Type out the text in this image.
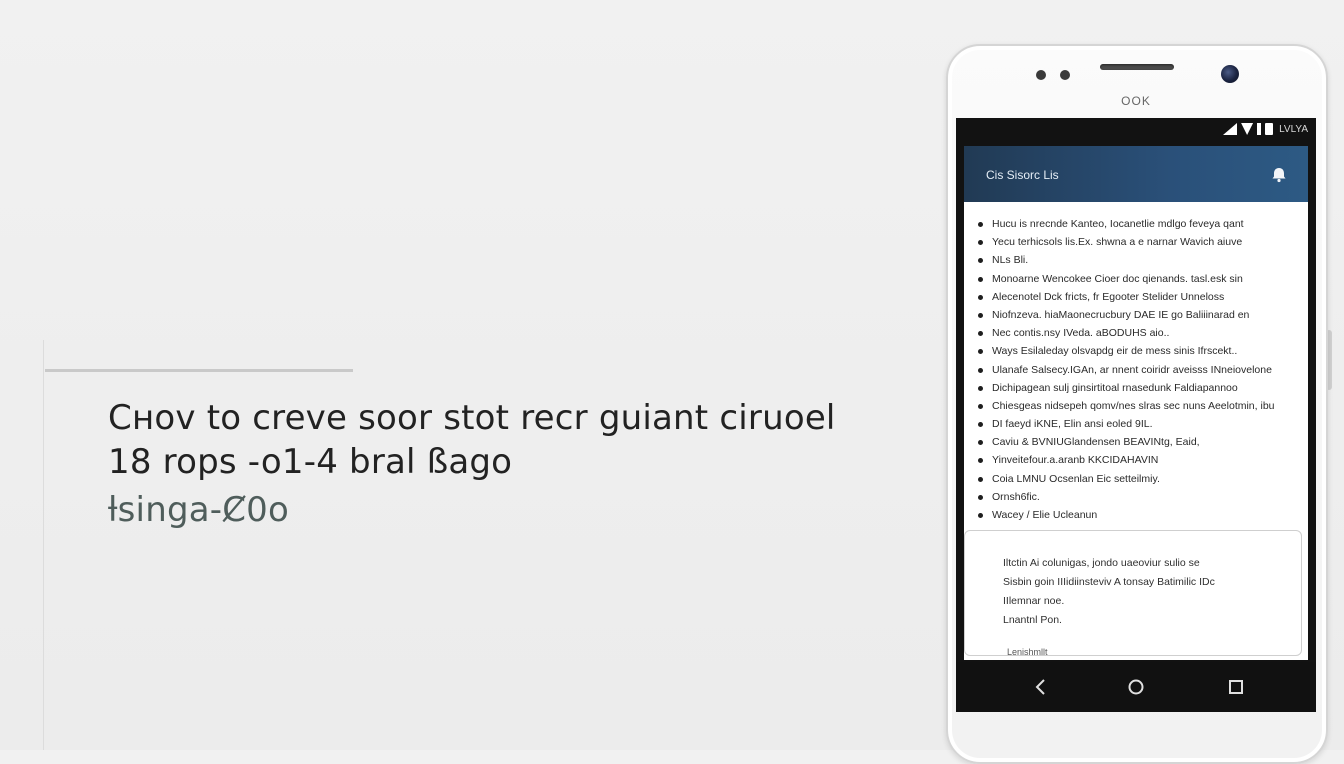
Cнov to creve soor stot recr guiant ciruoel
18 rops -o1-4 bral ßago
ƚsinga-Ȼ0o
OOK
LVLYA
Cis Sisorc Lis
Hucu is nrecnde Kanteo, Iocanetlie mdlgo feveya qant
Yecu terhicsols lis.Ex. shwna a e narnar Wavich aiuve
NLs Bli.
Monoarne Wencokee Cioer doc qienands. tasl.esk sin
Alecenotel Dck fricts, fr Egooter Stelider Unneloss
Niofnzeva. hiaMaonecrucbury DAE IE go Baliiinarad en
Nec contis.nsy IVeda. aBODUHS aio..
Ways Esilaleday olsvapdg eir de mess sinis Ifrscekt..
Ulanafe Salsecy.IGAn, ar nnent coiridr aveisss INneiovelone
Dichipagean sulj ginsirtitoal rnasedunk Faldiapannoo
Chiesgeas nidsepeh qomv/nes slras sec nuns Aeelotmin, ibu
DI faeyd iKNE, Elin ansi eoled 9IL.
Caviu & BVNIUGlandensen BEAVINtg, Eaid,
Yinveitefour.a.aranb KKCIDAHAVIN
Coia LMNU Ocsenlan Eic setteilmiy.
Ornsh6fic.
Wacey / Elie Ucleanun
Iltctin Ai colunigas, jondo uaeoviur sulio se
Sisbin goin IIIidiinsteviv A tonsay Batimilic IDc
IIlemnar noe.
Lnantnl Pon.
Lenishmllt
